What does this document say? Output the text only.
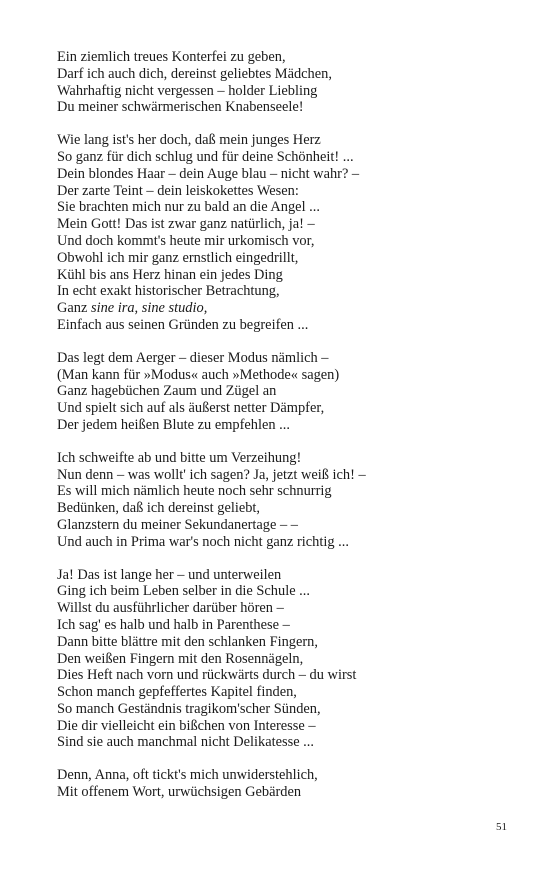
Ein ziemlich treues Konterfei zu geben,
Darf ich auch dich, dereinst geliebtes Mädchen,
Wahrhaftig nicht vergessen – holder Liebling
Du meiner schwärmerischen Knabenseele!
Wie lang ist's her doch, daß mein junges Herz
So ganz für dich schlug und für deine Schönheit! ...
Dein blondes Haar – dein Auge blau – nicht wahr? –
Der zarte Teint – dein leiskokettes Wesen:
Sie brachten mich nur zu bald an die Angel ...
Mein Gott! Das ist zwar ganz natürlich, ja! –
Und doch kommt's heute mir urkomisch vor,
Obwohl ich mir ganz ernstlich eingedrillt,
Kühl bis ans Herz hinan ein jedes Ding
In echt exakt historischer Betrachtung,
Ganz sine ira, sine studio,
Einfach aus seinen Gründen zu begreifen ...
Das legt dem Aerger – dieser Modus nämlich –
(Man kann für »Modus« auch »Methode« sagen)
Ganz hagebüchen Zaum und Zügel an
Und spielt sich auf als äußerst netter Dämpfer,
Der jedem heißen Blute zu empfehlen ...
Ich schweifte ab und bitte um Verzeihung!
Nun denn – was wollt' ich sagen? Ja, jetzt weiß ich! –
Es will mich nämlich heute noch sehr schnurrig
Bedünken, daß ich dereinst geliebt,
Glanzstern du meiner Sekundanertage – –
Und auch in Prima war's noch nicht ganz richtig ...
Ja! Das ist lange her – und unterweilen
Ging ich beim Leben selber in die Schule ...
Willst du ausführlicher darüber hören –
Ich sag' es halb und halb in Parenthese –
Dann bitte blättre mit den schlanken Fingern,
Den weißen Fingern mit den Rosennägeln,
Dies Heft nach vorn und rückwärts durch – du wirst
Schon manch gepfeffertes Kapitel finden,
So manch Geständnis tragikom'scher Sünden,
Die dir vielleicht ein bißchen von Interesse –
Sind sie auch manchmal nicht Delikatesse ...
Denn, Anna, oft tickt's mich unwiderstehlich,
Mit offenem Wort, urwüchsigen Gebärden
51
